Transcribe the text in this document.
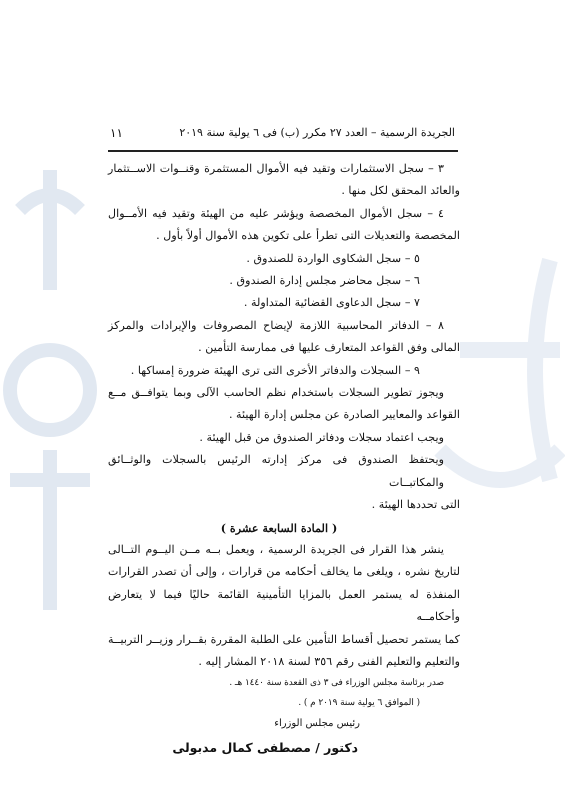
الجريدة الرسمية – العدد ٢٧ مكرر (ب) فى ٦ يولية سنة ٢٠١٩
١١

٣ – سجل الاستثمارات وتقيد فيه الأموال المستثمرة وقنــوات الاســتثمار

والعائد المحقق لكل منها .

٤ – سجل الأموال المخصصة ويؤشر عليه من الهيئة وتقيد فيه الأمــوال

المخصصة والتعديلات التى تطرأ على تكوين هذه الأموال أولاً بأول .

٥ – سجل الشكاوى الواردة للصندوق .

٦ – سجل محاضر مجلس إدارة الصندوق .

٧ – سجل الدعاوى القضائية المتداولة .

٨ – الدفاتر المحاسبية اللازمة لإيضاح المصروفات والإيرادات والمركز

المالى وفق القواعد المتعارف عليها فى ممارسة التأمين .

٩ – السجلات والدفاتر الأخرى التى ترى الهيئة ضرورة إمساكها .

ويجوز تطوير السجلات باستخدام نظم الحاسب الآلى وبما يتوافــق مــع

القواعد والمعايير الصادرة عن مجلس إدارة الهيئة .

ويجب اعتماد سجلات ودفاتر الصندوق من قبل الهيئة .

ويحتفظ الصندوق فى مركز إدارته الرئيس بالسجلات والوثــائق والمكاتبــات

التى تحددها الهيئة .

( المادة السابعة عشرة )

ينشر هذا القرار فى الجريدة الرسمية ، ويعمل بــه مــن اليــوم التــالى

لتاريخ نشره ، ويلغى ما يخالف أحكامه من قرارات ، وإلى أن تصدر القرارات

المنفذة له يستمر العمل بالمزايا التأمينية القائمة حاليًا فيما لا يتعارض وأحكامــه

كما يستمر تحصيل أقساط التأمين على الطلبة المقررة بقــرار وزيــر التربيــة

والتعليم والتعليم الفنى رقم ٣٥٦ لسنة ٢٠١٨ المشار إليه .

صدر برئاسة مجلس الوزراء فى ٣ ذى القعدة سنة ١٤٤٠ هـ .

( الموافق ٦ يولية سنة ٢٠١٩ م ) .

رئيس مجلس الوزراء

دكتور / مصطفى كمال مدبولى
